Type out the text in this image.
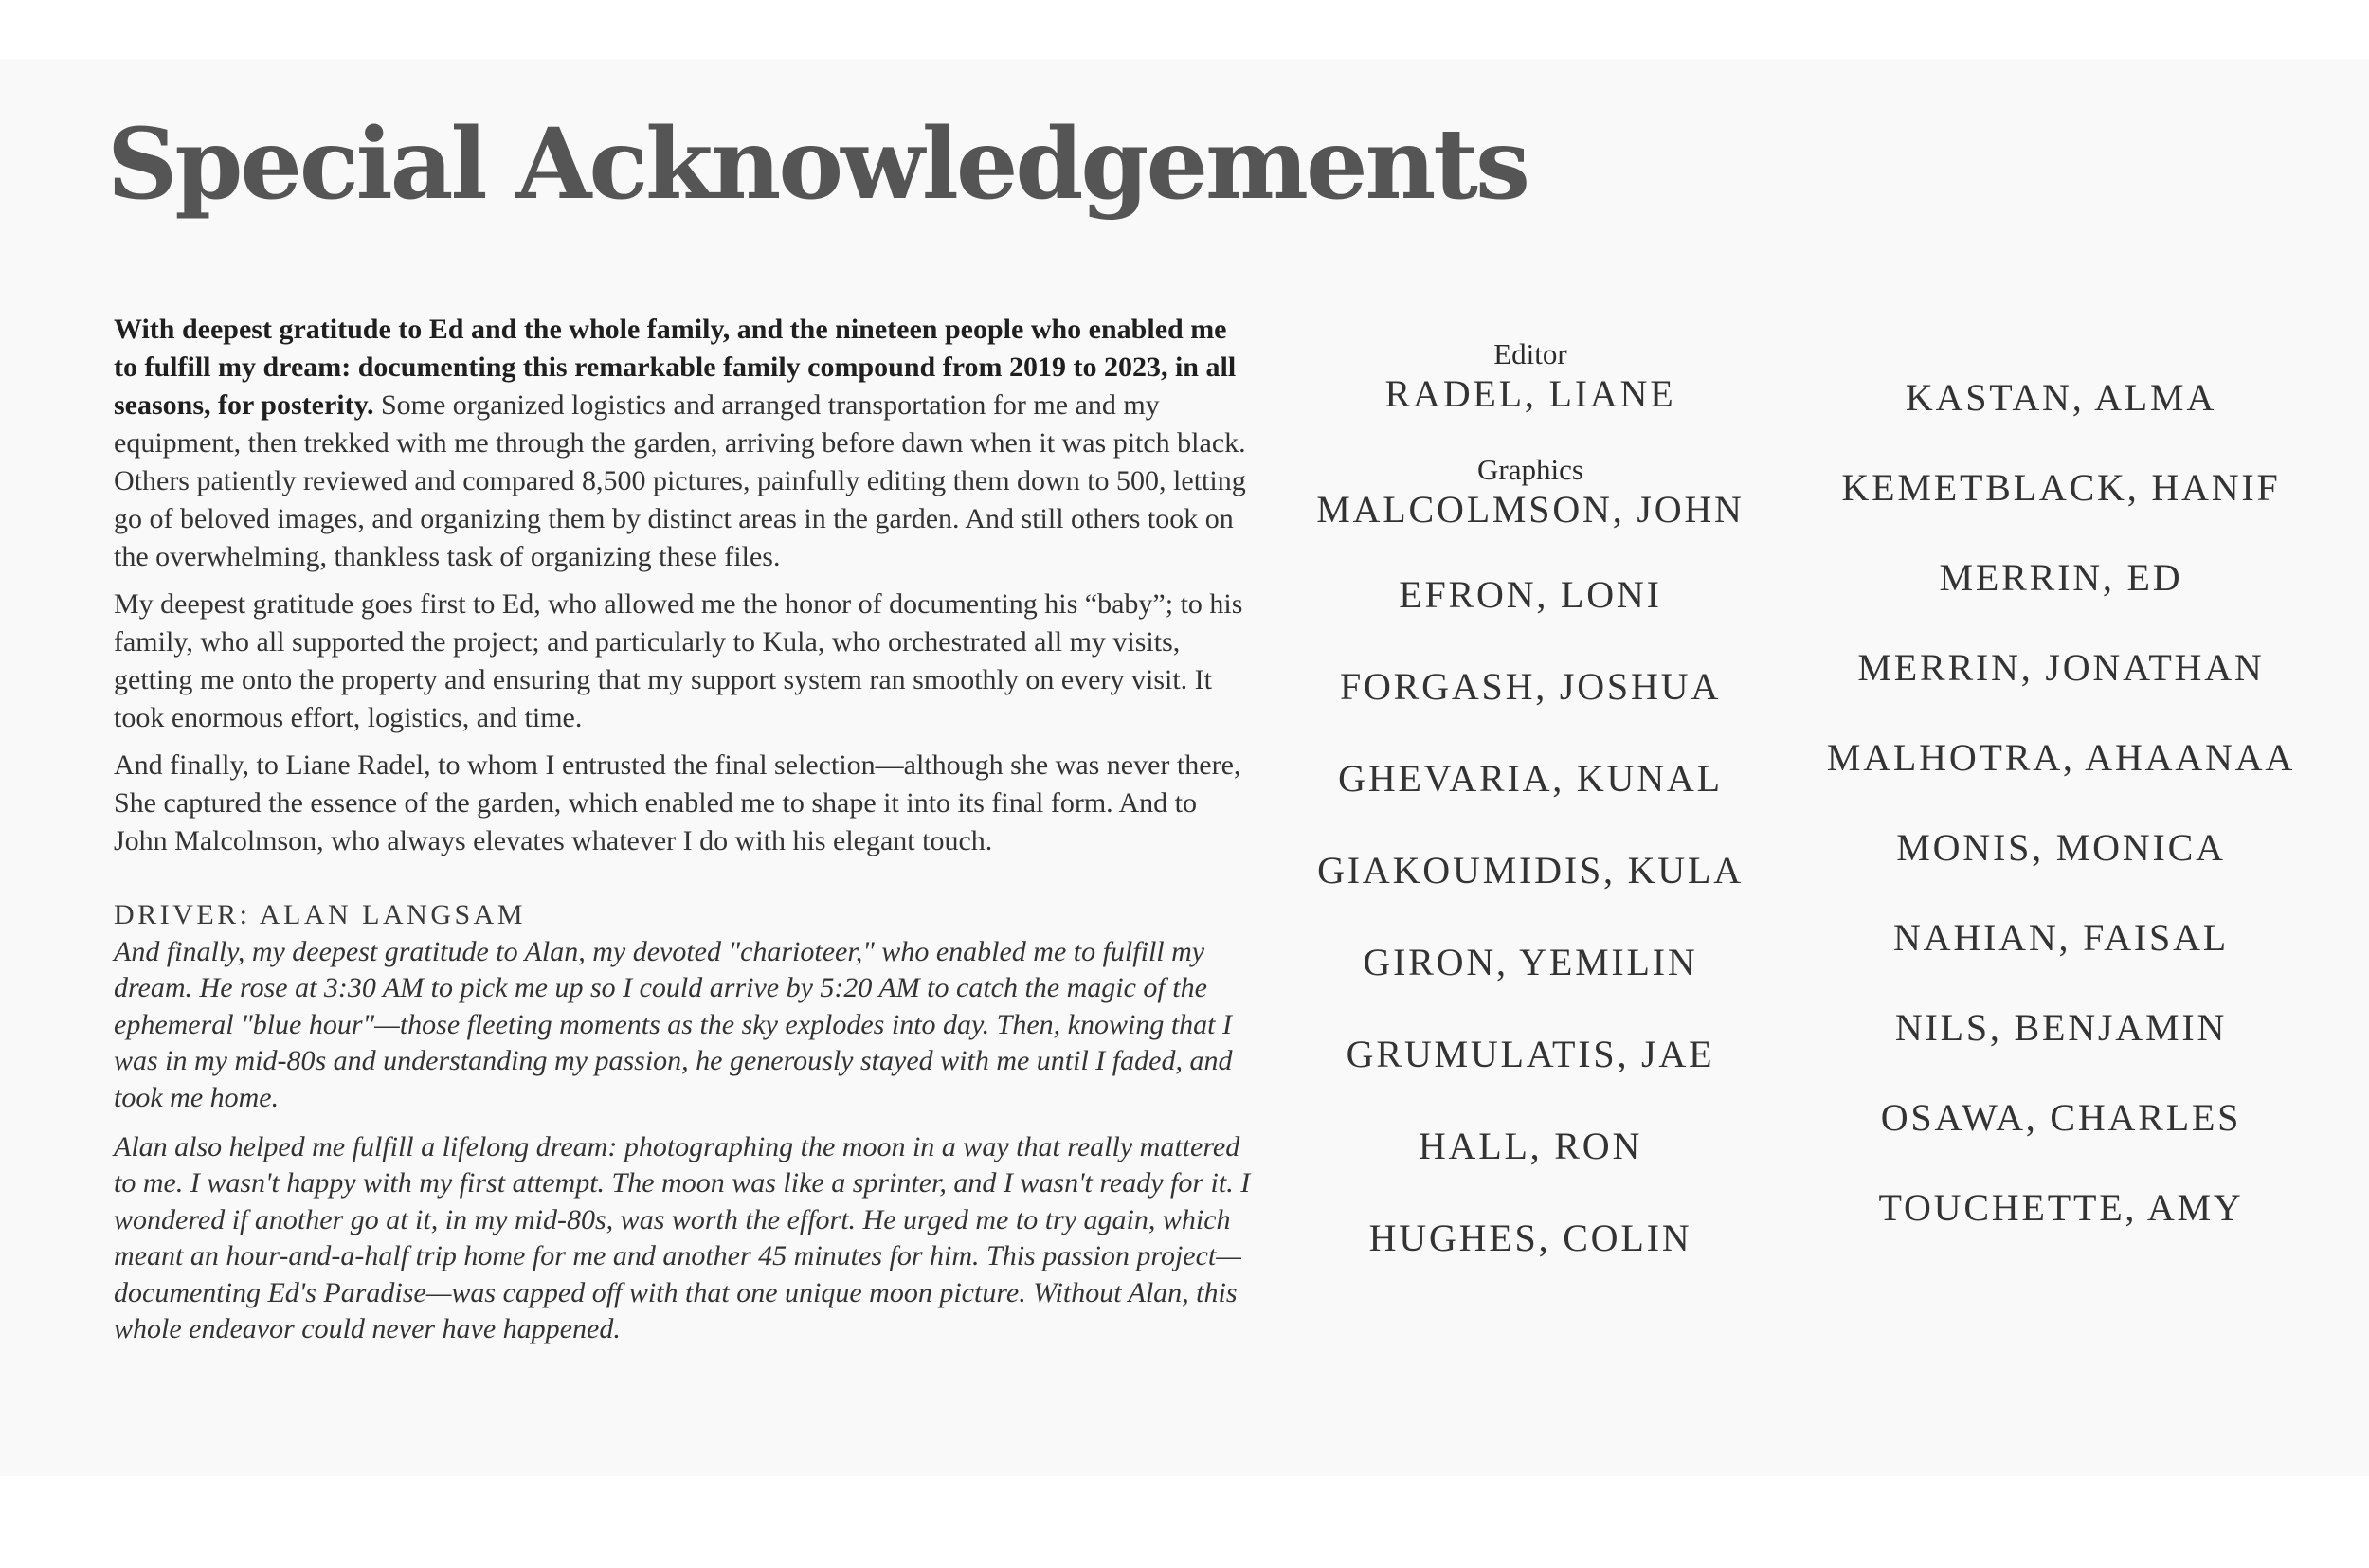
Special Acknowledgements

With deepest gratitude to Ed and the whole family, and the nineteen people who enabled me to fulfill my dream: documenting this remarkable family compound from 2019 to 2023, in all seasons, for posterity. Some organized logistics and arranged transportation for me and my equipment, then trekked with me through the garden, arriving before dawn when it was pitch black. Others patiently reviewed and compared 8,500 pictures, painfully editing them down to 500, letting go of beloved images, and organizing them by distinct areas in the garden. And still others took on the overwhelming, thankless task of organizing these files.

My deepest gratitude goes first to Ed, who allowed me the honor of documenting his “baby”; to his family, who all supported the project; and particularly to Kula, who orchestrated all my visits, getting me onto the property and ensuring that my support system ran smoothly on every visit. It took enormous effort, logistics, and time.

And finally, to Liane Radel, to whom I entrusted the final selection—although she was never there, She captured the essence of the garden, which enabled me to shape it into its final form. And to John Malcolmson, who always elevates whatever I do with his elegant touch.

DRIVER: ALAN LANGSAM

And finally, my deepest gratitude to Alan, my devoted "charioteer," who enabled me to fulfill my dream. He rose at 3:30 AM to pick me up so I could arrive by 5:20 AM to catch the magic of the ephemeral "blue hour"—those fleeting moments as the sky explodes into day. Then, knowing that I was in my mid-80s and understanding my passion, he generously stayed with me until I faded, and took me home.

Alan also helped me fulfill a lifelong dream: photographing the moon in a way that really mattered to me. I wasn't happy with my first attempt. The moon was like a sprinter, and I wasn't ready for it. I wondered if another go at it, in my mid-80s, was worth the effort. He urged me to try again, which meant an hour-and-a-half trip home for me and another 45 minutes for him. This passion project—documenting Ed's Paradise—was capped off with that one unique moon picture. Without Alan, this whole endeavor could never have happened.

Editor
RADEL, LIANE
Graphics
MALCOLMSON, JOHN
EFRON, LONI
FORGASH, JOSHUA
GHEVARIA, KUNAL
GIAKOUMIDIS, KULA
GIRON, YEMILIN
GRUMULATIS, JAE
HALL, RON
HUGHES, COLIN
KASTAN, ALMA
KEMETBLACK, HANIF
MERRIN, ED
MERRIN, JONATHAN
MALHOTRA, AHAANAA
MONIS, MONICA
NAHIAN, FAISAL
NILS, BENJAMIN
OSAWA, CHARLES
TOUCHETTE, AMY
